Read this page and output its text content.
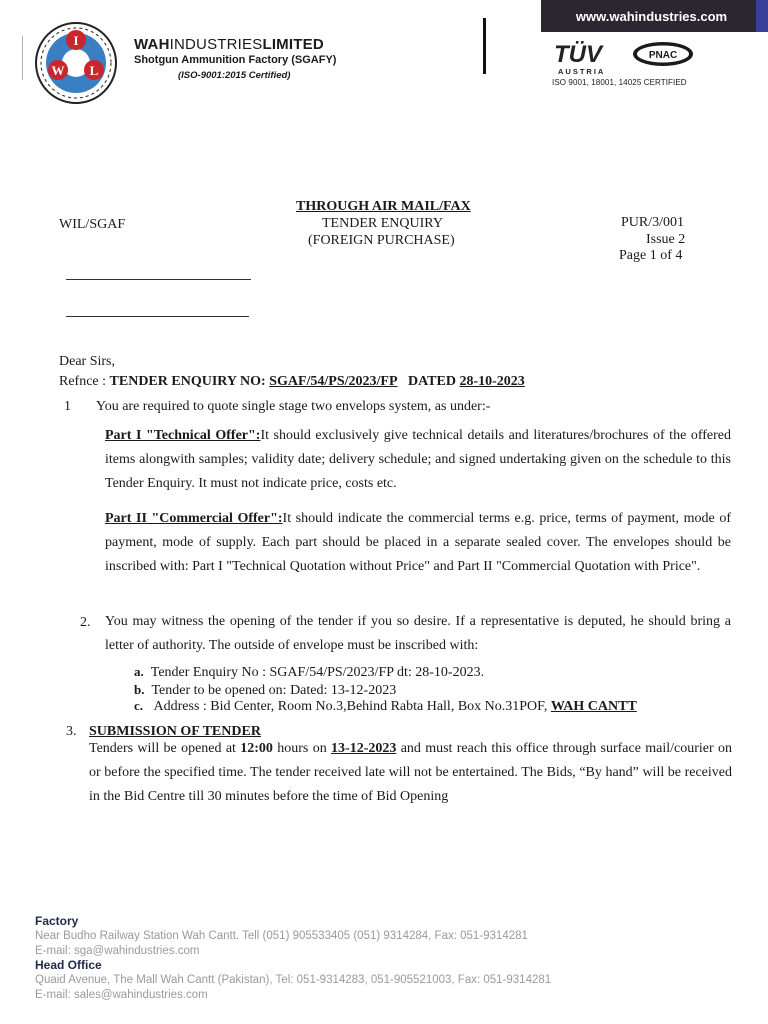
I
W L
WAHINDUSTRIESLIMITED
Shotgun Ammunition Factory (SGAFY)
(ISO-9001:2015 Certified)
www.wahindustries.com
TÜV
AUSTRIA
PNAC
ISO 9001, 18001, 14025 CERTIFIED
THROUGH AIR MAIL/FAX
TENDER ENQUIRY
(FOREIGN PURCHASE)
WIL/SGAF	PUR/3/001
Issue 2
Page 1 of 4
Dear Sirs,
Refnce : TENDER ENQUIRY NO: SGAF/54/PS/2023/FP DATED 28-10-2023
1 You are required to quote single stage two envelops system, as under:-
Part I "Technical Offer":It should exclusively give technical details and literatures/brochures of the offered items alongwith samples; validity date; delivery schedule; and signed undertaking given on the schedule to this Tender Enquiry. It must not indicate price, costs etc.
Part II "Commercial Offer":It should indicate the commercial terms e.g. price, terms of payment, mode of payment, mode of supply. Each part should be placed in a separate sealed cover. The envelopes should be inscribed with: Part I "Technical Quotation without Price" and Part II "Commercial Quotation with Price".
2. You may witness the opening of the tender if you so desire. If a representative is deputed, he should bring a letter of authority. The outside of envelope must be inscribed with:
a. Tender Enquiry No : SGAF/54/PS/2023/FP dt: 28-10-2023.
b. Tender to be opened on: Dated: 13-12-2023
c. Address : Bid Center, Room No.3,Behind Rabta Hall, Box No.31POF, WAH CANTT
3. SUBMISSION OF TENDER
Tenders will be opened at 12:00 hours on 13-12-2023 and must reach this office through surface mail/courier on or before the specified time. The tender received late will not be entertained. The Bids, “By hand” will be received in the Bid Centre till 30 minutes before the time of Bid Opening
Factory
Near Budho Railway Station Wah Cantt. Tell (051) 905533405 (051) 9314284, Fax: 051-9314281
E-mail: sga@wahindustries.com
Head Office
Quaid Avenue, The Mall Wah Cantt (Pakistan), Tel: 051-9314283, 051-905521003, Fax: 051-9314281
E-mail: sales@wahindustries.com
